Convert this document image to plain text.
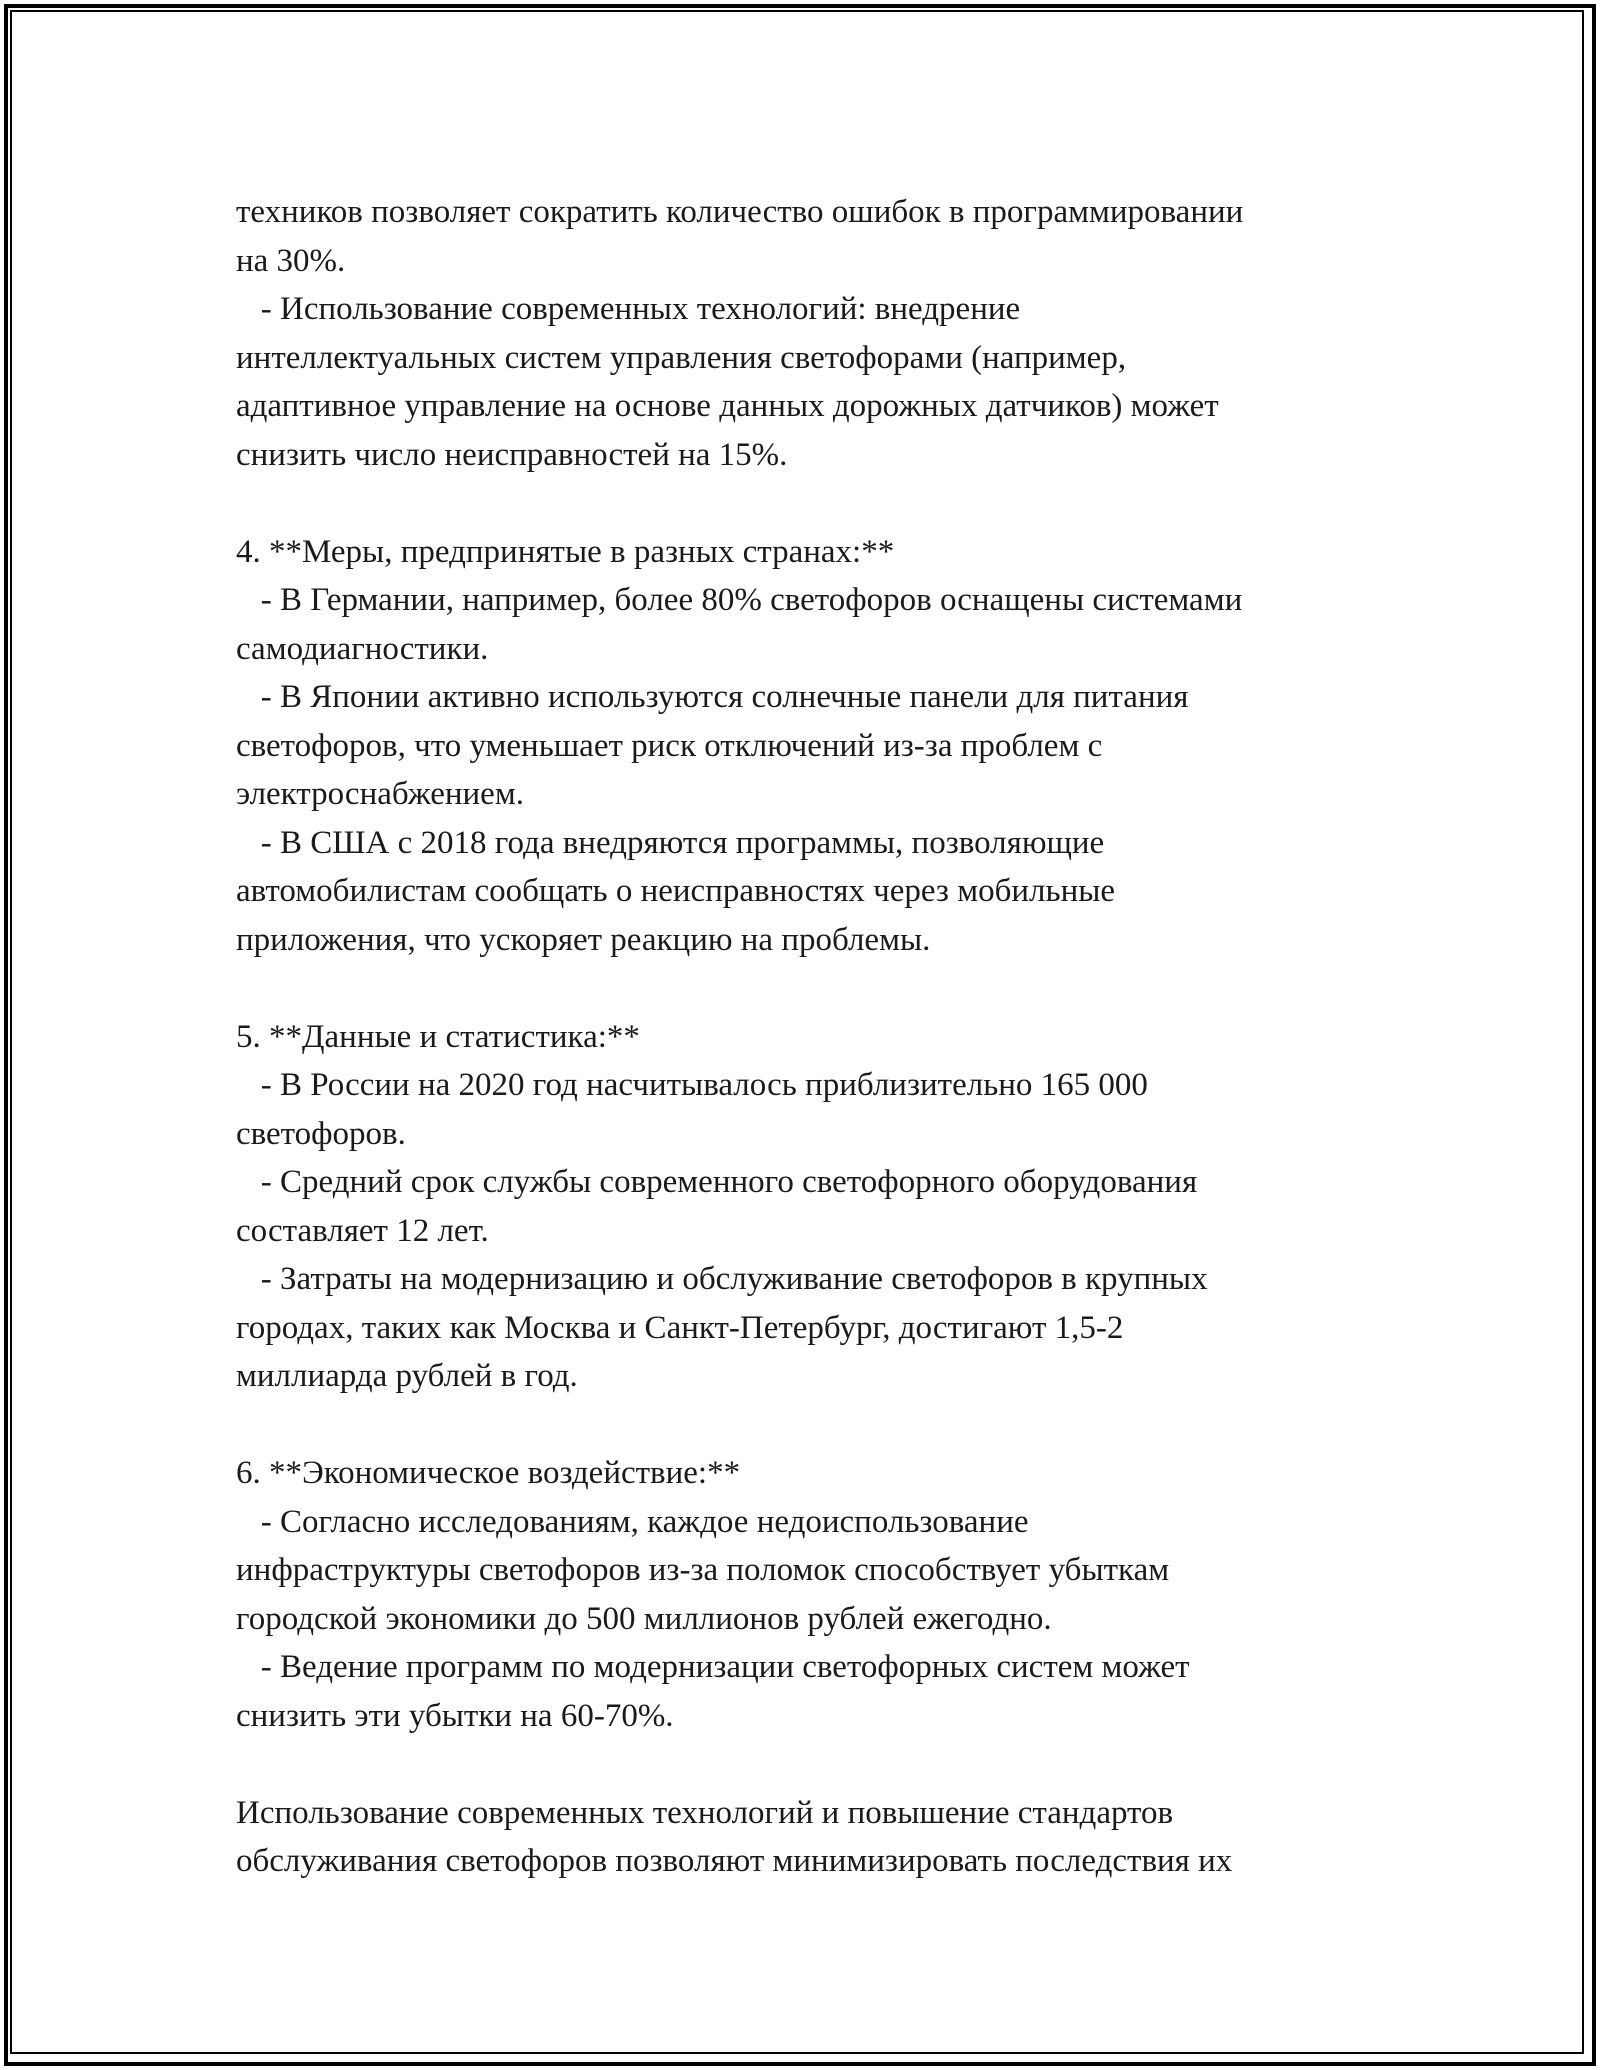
техников позволяет сократить количество ошибок в программировании
на 30%.
- Использование современных технологий: внедрение
интеллектуальных систем управления светофорами (например,
адаптивное управление на основе данных дорожных датчиков) может
снизить число неисправностей на 15%.
4. **Меры, предпринятые в разных странах:**
- В Германии, например, более 80% светофоров оснащены системами
самодиагностики.
- В Японии активно используются солнечные панели для питания
светофоров, что уменьшает риск отключений из-за проблем с
электроснабжением.
- В США с 2018 года внедряются программы, позволяющие
автомобилистам сообщать о неисправностях через мобильные
приложения, что ускоряет реакцию на проблемы.
5. **Данные и статистика:**
- В России на 2020 год насчитывалось приблизительно 165 000
светофоров.
- Средний срок службы современного светофорного оборудования
составляет 12 лет.
- Затраты на модернизацию и обслуживание светофоров в крупных
городах, таких как Москва и Санкт-Петербург, достигают 1,5-2
миллиарда рублей в год.
6. **Экономическое воздействие:**
- Согласно исследованиям, каждое недоиспользование
инфраструктуры светофоров из-за поломок способствует убыткам
городской экономики до 500 миллионов рублей ежегодно.
- Ведение программ по модернизации светофорных систем может
снизить эти убытки на 60-70%.
Использование современных технологий и повышение стандартов
обслуживания светофоров позволяют минимизировать последствия их
